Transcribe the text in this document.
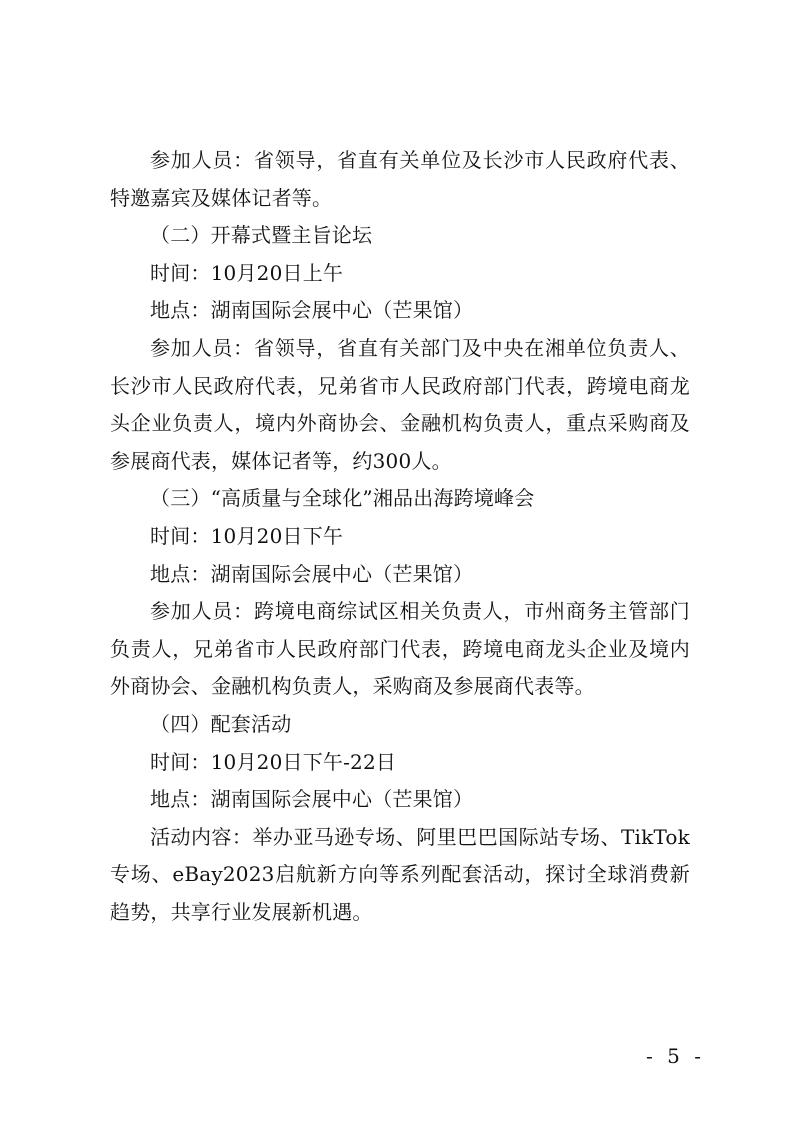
参加人员：省领导，省直有关单位及长沙市人民政府代表、特邀嘉宾及媒体记者等。

（二）开幕式暨主旨论坛

时间：10月20日上午

地点：湖南国际会展中心（芒果馆）

参加人员：省领导，省直有关部门及中央在湘单位负责人、长沙市人民政府代表，兄弟省市人民政府部门代表，跨境电商龙头企业负责人，境内外商协会、金融机构负责人，重点采购商及参展商代表，媒体记者等，约300人。

（三）“高质量与全球化”湘品出海跨境峰会

时间：10月20日下午

地点：湖南国际会展中心（芒果馆）

参加人员：跨境电商综试区相关负责人，市州商务主管部门负责人，兄弟省市人民政府部门代表，跨境电商龙头企业及境内外商协会、金融机构负责人，采购商及参展商代表等。

（四）配套活动

时间：10月20日下午-22日

地点：湖南国际会展中心（芒果馆）

活动内容：举办亚马逊专场、阿里巴巴国际站专场、TikTok专场、eBay2023启航新方向等系列配套活动，探讨全球消费新趋势，共享行业发展新机遇。

- 5 -
